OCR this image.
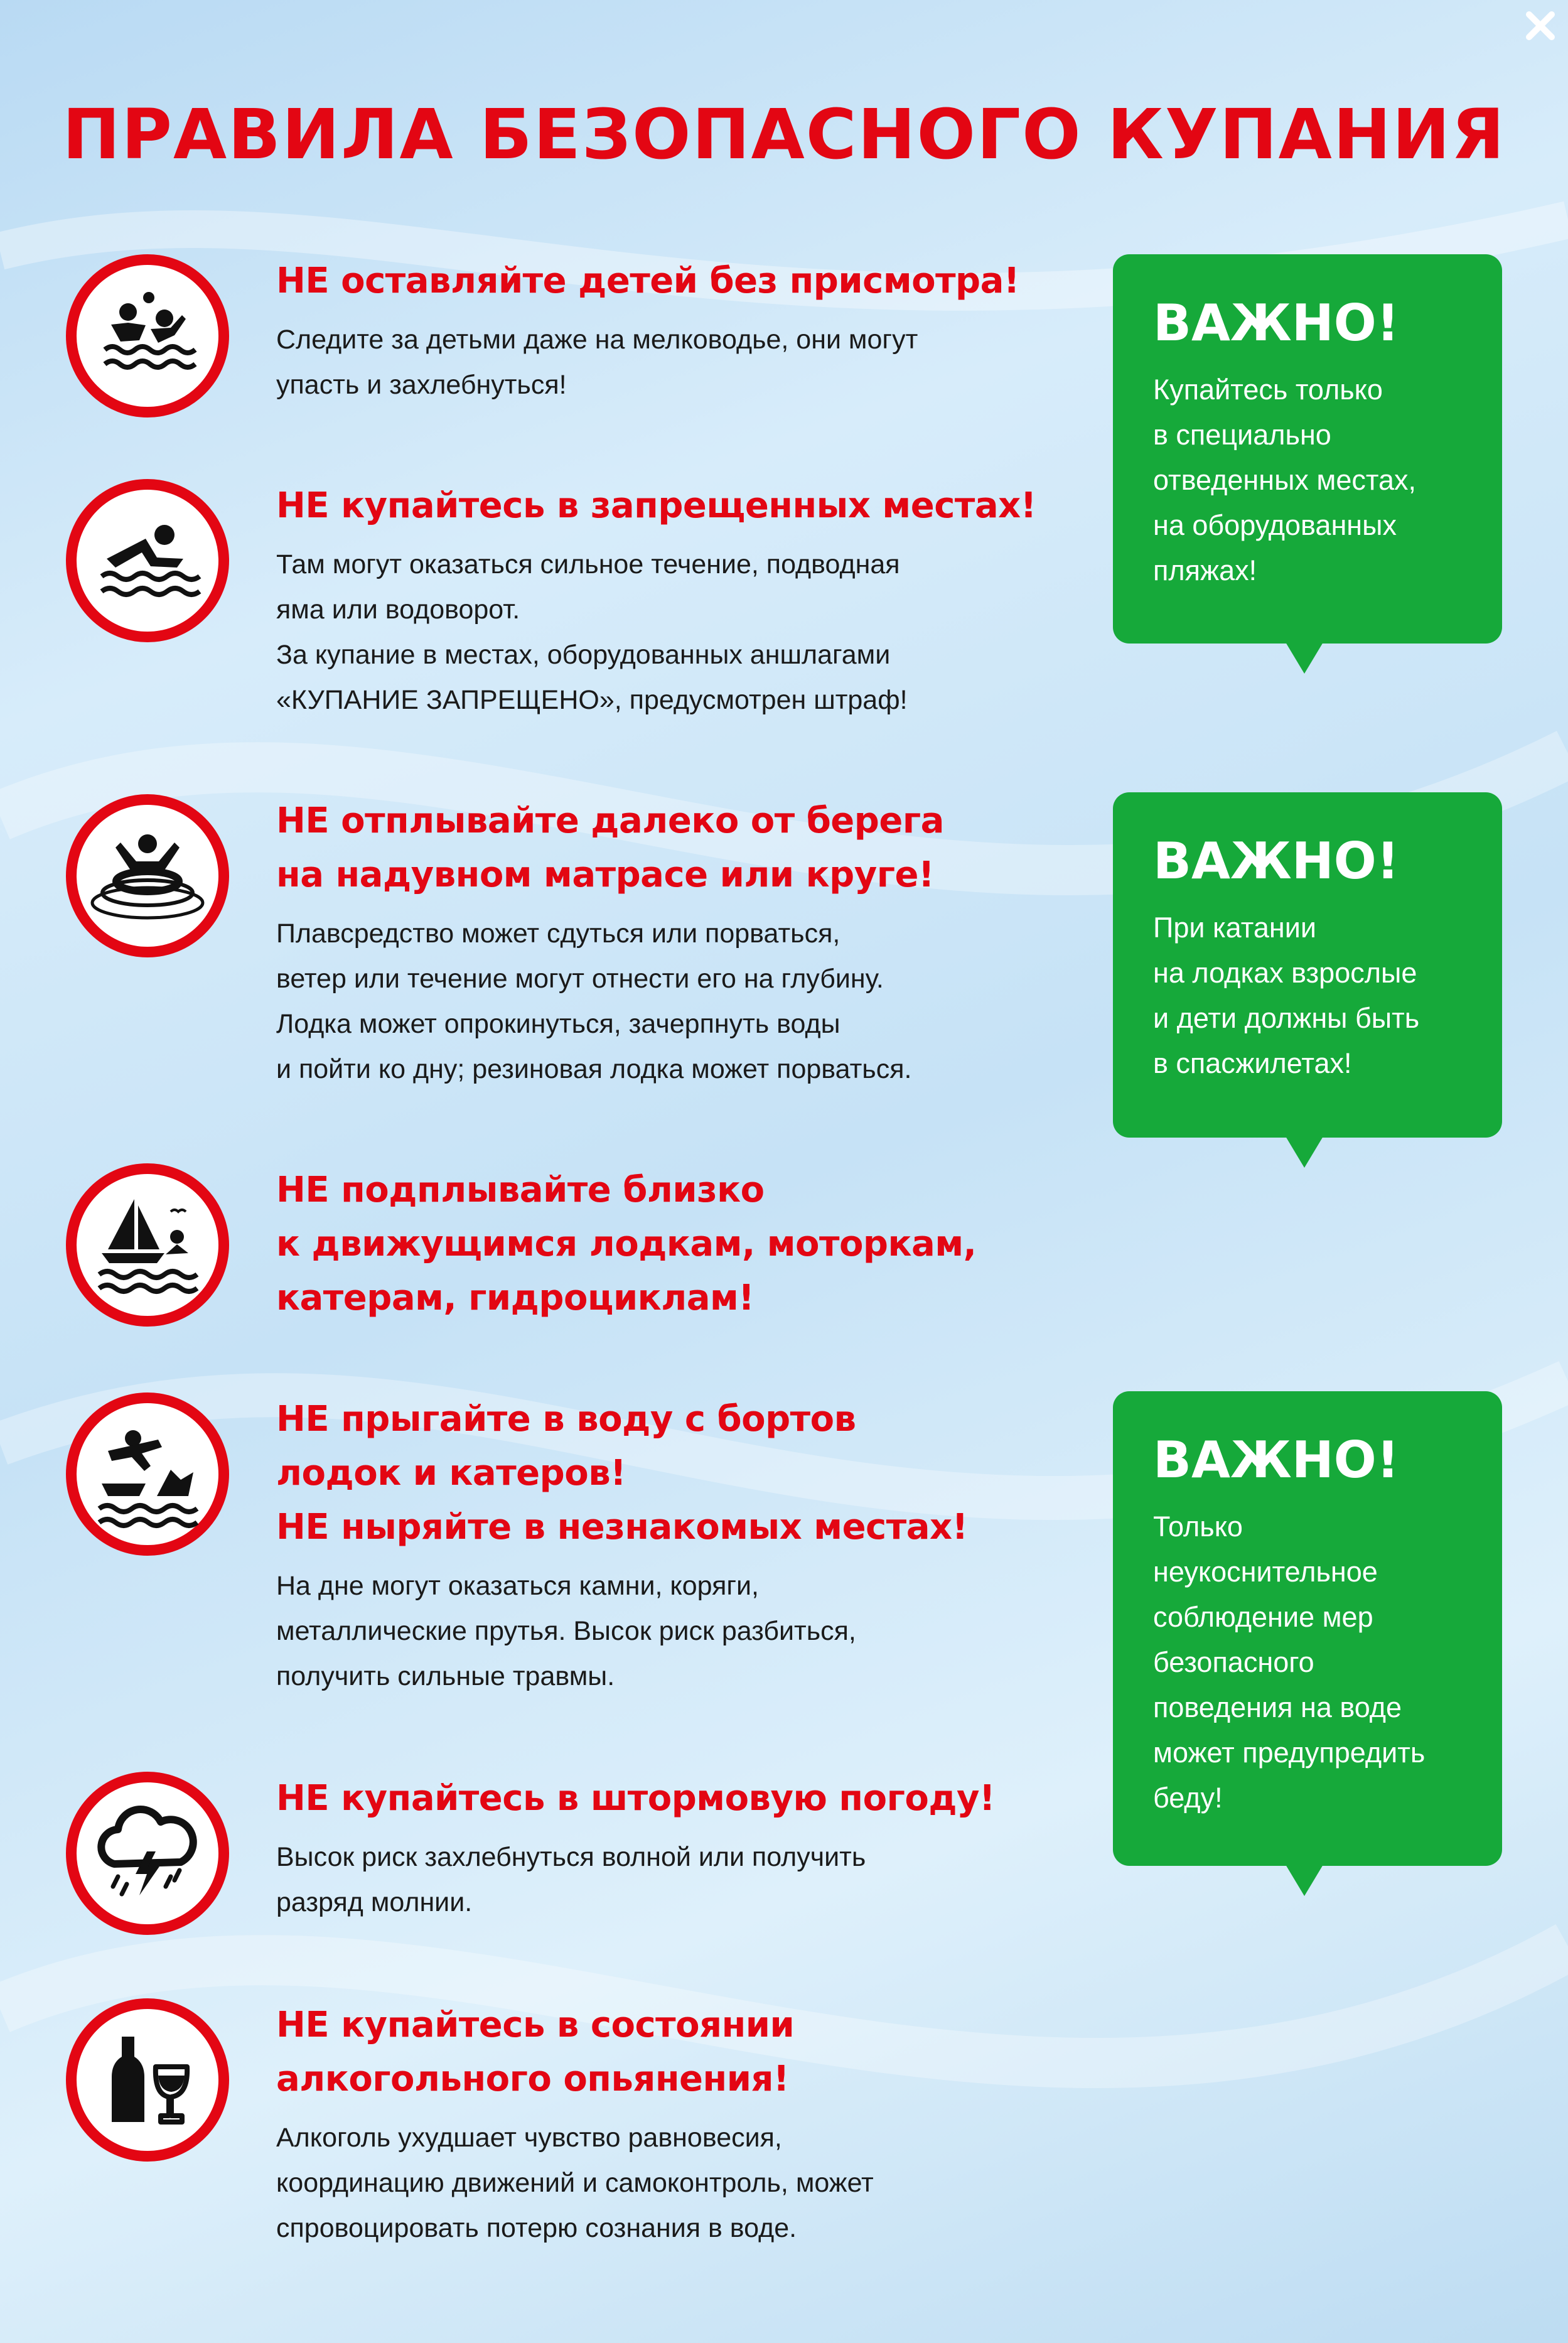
ПРАВИЛА БЕЗОПАСНОГО КУПАНИЯ
НЕ оставляйте детей без присмотра!
Следите за детьми даже на мелководье, они могут
упасть и захлебнуться!
НЕ купайтесь в запрещенных местах!
Там могут оказаться сильное течение, подводная
яма или водоворот.
За купание в местах, оборудованных аншлагами
«КУПАНИЕ ЗАПРЕЩЕНО», предусмотрен штраф!
НЕ отплывайте далеко от берега
на надувном матрасе или круге!
Плавсредство может сдуться или порваться,
ветер или течение могут отнести его на глубину.
Лодка может опрокинуться, зачерпнуть воды
и пойти ко дну; резиновая лодка может порваться.
НЕ подплывайте близко
к движущимся лодкам, моторкам,
катерам, гидроциклам!
НЕ прыгайте в воду с бортов
лодок и катеров!
НЕ ныряйте в незнакомых местах!
На дне могут оказаться камни, коряги,
металлические прутья. Высок риск разбиться,
получить сильные травмы.
НЕ купайтесь в штормовую погоду!
Высок риск захлебнуться волной или получить
разряд молнии.
НЕ купайтесь в состоянии
алкогольного опьянения!
Алкоголь ухудшает чувство равновесия,
координацию движений и самоконтроль, может
спровоцировать потерю сознания в воде.
ВАЖНО!
Купайтесь только
в специально
отведенных местах,
на оборудованных
пляжах!
ВАЖНО!
При катании
на лодках взрослые
и дети должны быть
в спасжилетах!
ВАЖНО!
Только
неукоснительное
соблюдение мер
безопасного
поведения на воде
может предупредить
беду!
